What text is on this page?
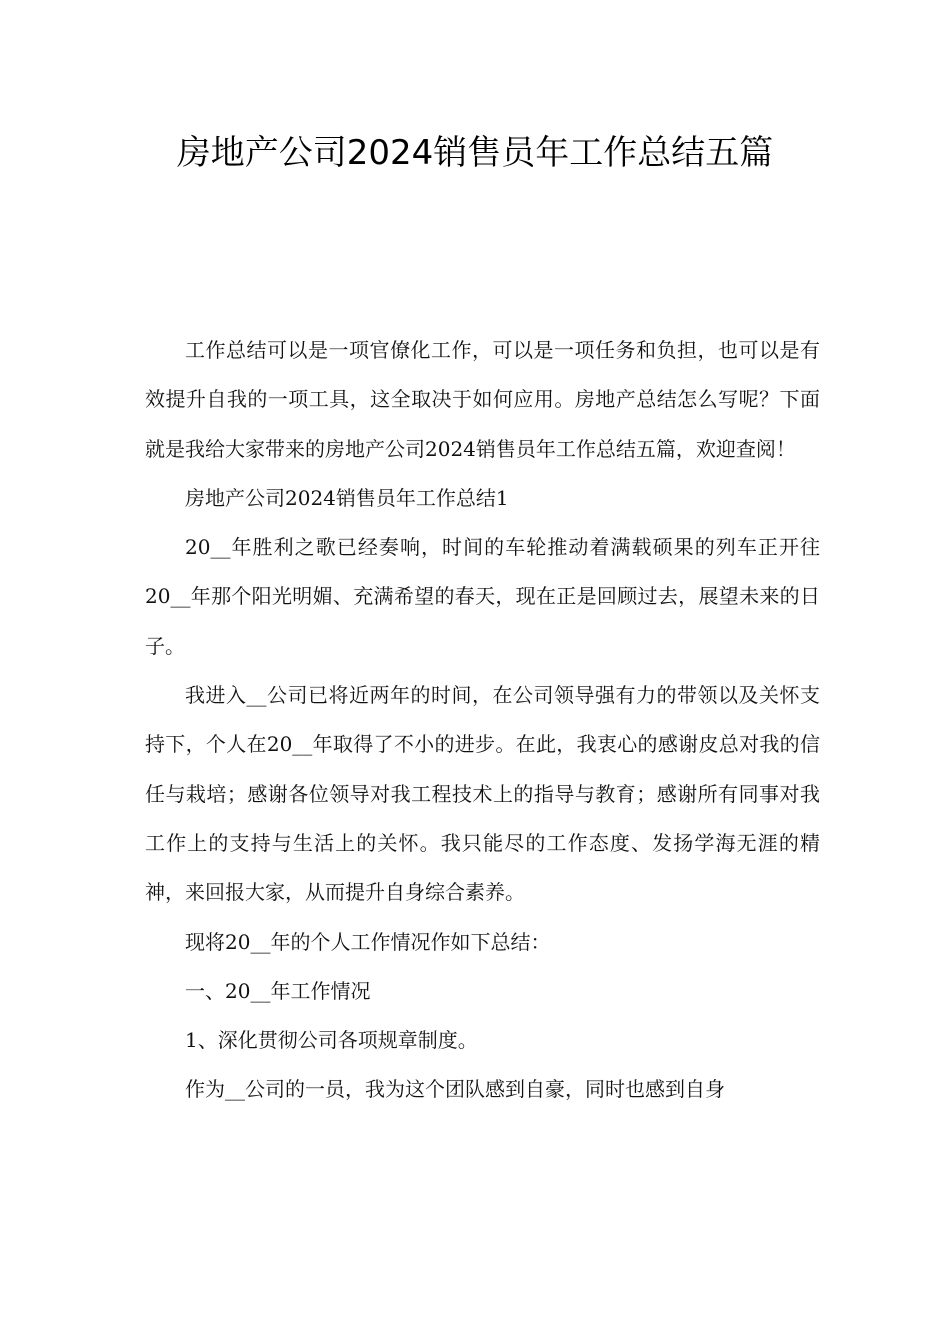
房地产公司2024销售员年工作总结五篇

工作总结可以是一项官僚化工作，可以是一项任务和负担，也可以是有效提升自我的一项工具，这全取决于如何应用。房地产总结怎么写呢？下面就是我给大家带来的房地产公司2024销售员年工作总结五篇，欢迎查阅！

房地产公司2024销售员年工作总结1

20__年胜利之歌已经奏响，时间的车轮推动着满载硕果的列车正开往20__年那个阳光明媚、充满希望的春天，现在正是回顾过去，展望未来的日子。

我进入__公司已将近两年的时间，在公司领导强有力的带领以及关怀支持下，个人在20__年取得了不小的进步。在此，我衷心的感谢皮总对我的信任与栽培；感谢各位领导对我工程技术上的指导与教育；感谢所有同事对我工作上的支持与生活上的关怀。我只能尽的工作态度、发扬学海无涯的精神，来回报大家，从而提升自身综合素养。

现将20__年的个人工作情况作如下总结：

一、20__年工作情况

1、深化贯彻公司各项规章制度。

作为__公司的一员，我为这个团队感到自豪，同时也感到自身
